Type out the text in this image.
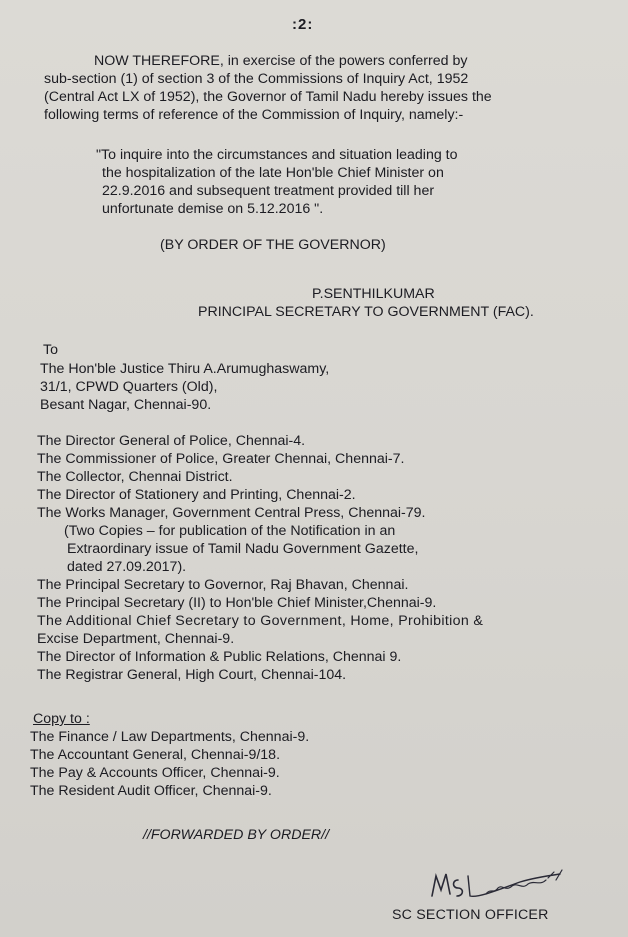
:2:
NOW THEREFORE, in exercise of the powers conferred by
sub-section (1) of section 3 of the Commissions of Inquiry Act, 1952
(Central Act LX of 1952), the Governor of Tamil Nadu hereby issues the
following terms of reference of the Commission of Inquiry, namely:-
"To inquire into the circumstances and situation leading to
the hospitalization of the late Hon'ble Chief Minister on
22.9.2016 and subsequent treatment provided till her
unfortunate demise on 5.12.2016 ".
(BY ORDER OF THE GOVERNOR)
P.SENTHILKUMAR
PRINCIPAL SECRETARY TO GOVERNMENT (FAC).
To
The Hon'ble Justice Thiru A.Arumughaswamy,
31/1, CPWD Quarters (Old),
Besant Nagar, Chennai-90.
The Director General of Police, Chennai-4.
The Commissioner of Police, Greater Chennai, Chennai-7.
The Collector, Chennai District.
The Director of Stationery and Printing, Chennai-2.
The Works Manager, Government Central Press, Chennai-79.
(Two Copies – for publication of the Notification in an
Extraordinary issue of Tamil Nadu Government Gazette,
dated 27.09.2017).
The Principal Secretary to Governor, Raj Bhavan, Chennai.
The Principal Secretary (II) to Hon'ble Chief Minister,Chennai-9.
The Additional Chief Secretary to Government, Home, Prohibition &
Excise Department, Chennai-9.
The Director of Information & Public Relations, Chennai 9.
The Registrar General, High Court, Chennai-104.
Copy to :
The Finance / Law Departments, Chennai-9.
The Accountant General, Chennai-9/18.
The Pay & Accounts Officer, Chennai-9.
The Resident Audit Officer, Chennai-9.
//FORWARDED BY ORDER//
SC SECTION OFFICER
